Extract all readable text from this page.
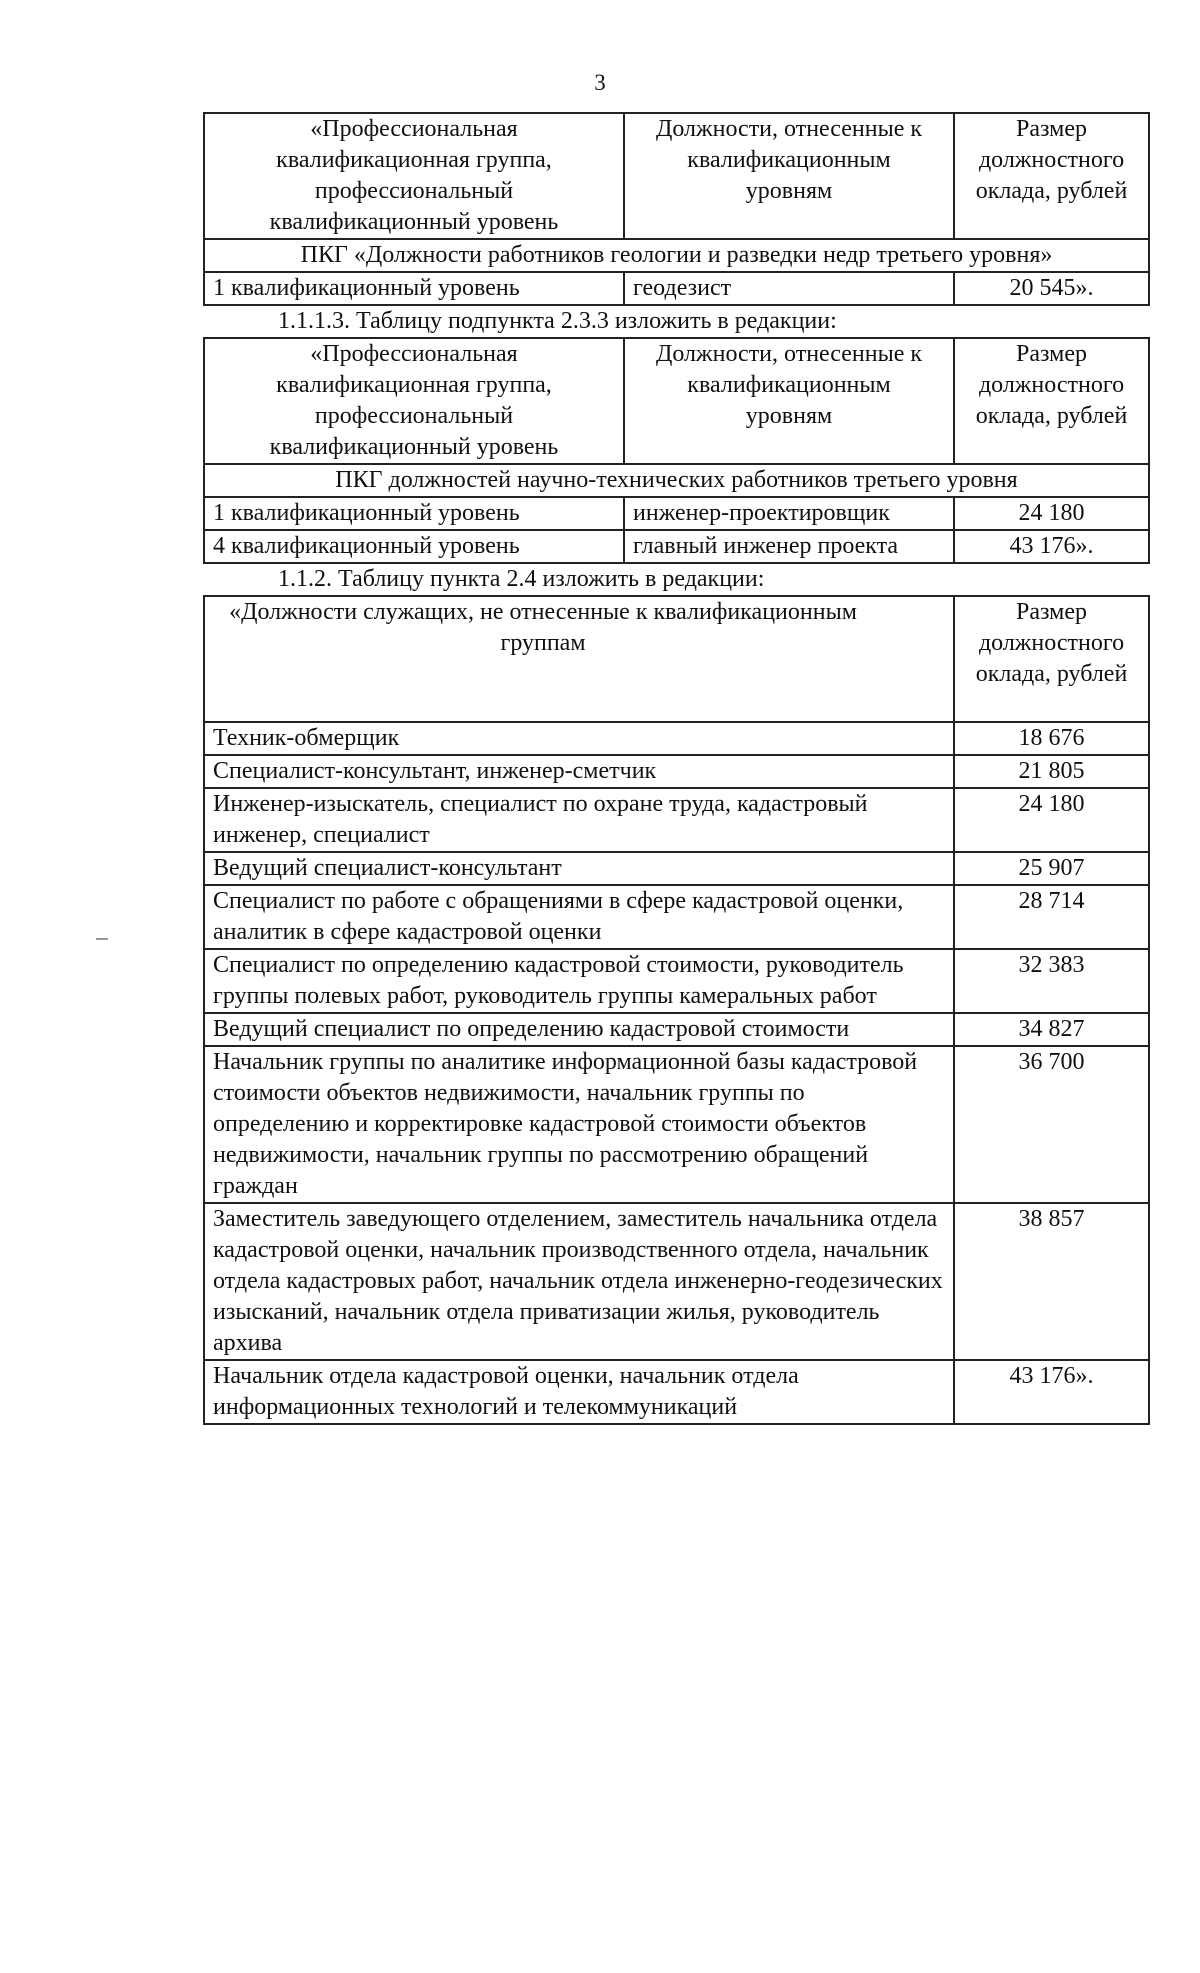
3
«Профессиональная квалификационная группа, профессиональный квалификационный уровень	Должности, отнесенные к квалификационным уровням	Размер должностного оклада, рублей
ПКГ «Должности работников геологии и разведки недр третьего уровня»		
1 квалификационный уровень	геодезист	20 545».
1.1.1.3. Таблицу подпункта 2.3.3 изложить в редакции:
«Профессиональная квалификационная группа, профессиональный квалификационный уровень	Должности, отнесенные к квалификационным уровням	Размер должностного оклада, рублей
ПКГ должностей научно-технических работников третьего уровня		
1 квалификационный уровень	инженер-проектировщик	24 180
4 квалификационный уровень	главный инженер проекта	43 176».
1.1.2. Таблицу пункта 2.4 изложить в редакции:
«Должности служащих, не отнесенные к квалификационным группам	Размер должностного оклада, рублей
Техник-обмерщик	18 676
Специалист-консультант, инженер-сметчик	21 805
Инженер-изыскатель, специалист по охране труда, кадастровый инженер, специалист	24 180
Ведущий специалист-консультант	25 907
Специалист по работе с обращениями в сфере кадастровой оценки, аналитик в сфере кадастровой оценки	28 714
Специалист по определению кадастровой стоимости, руководитель группы полевых работ, руководитель группы камеральных работ	32 383
Ведущий специалист по определению кадастровой стоимости	34 827
Начальник группы по аналитике информационной базы кадастровой стоимости объектов недвижимости, начальник группы по определению и корректировке кадастровой стоимости объектов недвижимости, начальник группы по рассмотрению обращений граждан	36 700
Заместитель заведующего отделением, заместитель начальника отдела кадастровой оценки, начальник производственного отдела, начальник отдела кадастровых работ, начальник отдела инженерно-геодезических изысканий, начальник отдела приватизации жилья, руководитель архива	38 857
Начальник отдела кадастровой оценки, начальник отдела информационных технологий и телекоммуникаций	43 176».
